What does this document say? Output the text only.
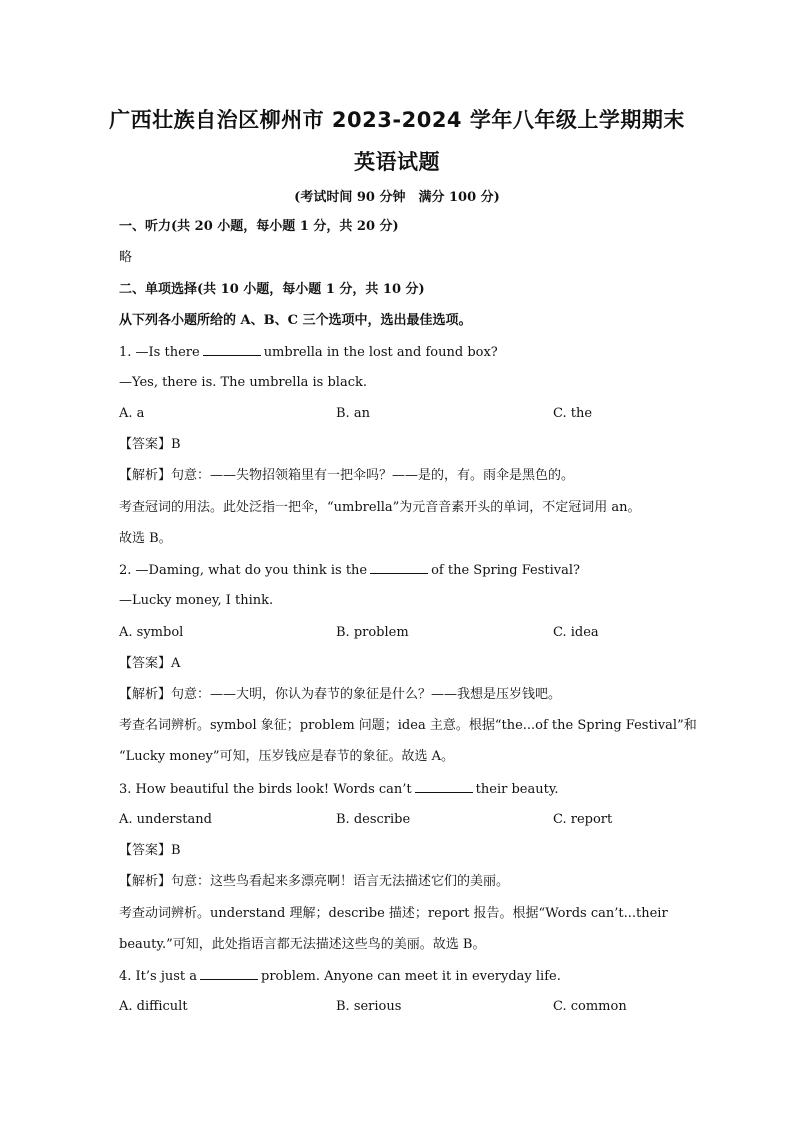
广西壮族自治区柳州市 2023-2024 学年八年级上学期期末
英语试题
(考试时间 90 分钟　满分 100 分)
一、听力(共 20 小题，每小题 1 分，共 20 分)
略
二、单项选择(共 10 小题，每小题 1 分，共 10 分)
从下列各小题所给的 A、B、C 三个选项中，选出最佳选项。
1. —Is there	umbrella in the lost and found box?
—Yes, there is. The umbrella is black.
A. a	B. an	C. the
【答案】B
【解析】句意：——失物招领箱里有一把伞吗？——是的，有。雨伞是黑色的。
考查冠词的用法。此处泛指一把伞，“umbrella”为元音音素开头的单词，不定冠词用 an。
故选 B。
2. —Daming, what do you think is the	of the Spring Festival?
—Lucky money, I think.
A. symbol	B. problem	C. idea
【答案】A
【解析】句意：——大明，你认为春节的象征是什么？——我想是压岁钱吧。
考查名词辨析。symbol 象征；problem 问题；idea 主意。根据“the...of the Spring Festival”和
“Lucky money”可知，压岁钱应是春节的象征。故选 A。
3. How beautiful the birds look! Words can’t	their beauty.
A. understand	B. describe	C. report
【答案】B
【解析】句意：这些鸟看起来多漂亮啊！语言无法描述它们的美丽。
考查动词辨析。understand 理解；describe 描述；report 报告。根据“Words can’t...their
beauty.”可知，此处指语言都无法描述这些鸟的美丽。故选 B。
4. It’s just a	problem. Anyone can meet it in everyday life.
A. difficult	B. serious	C. common
